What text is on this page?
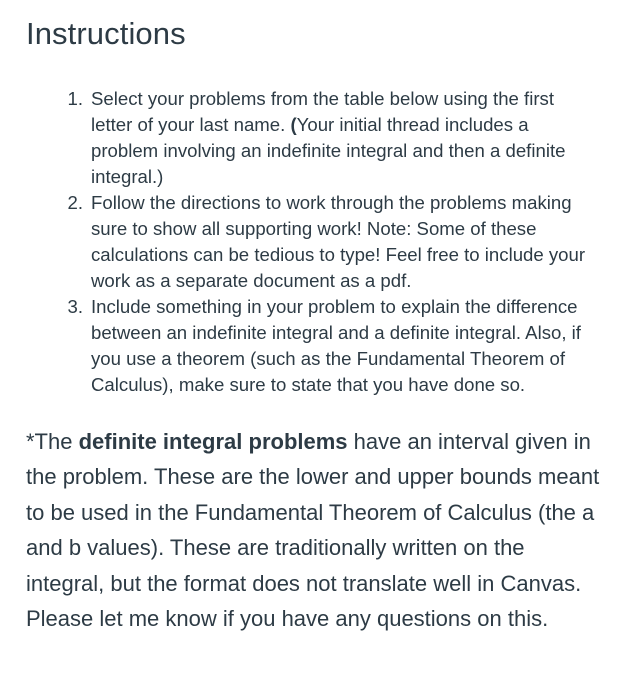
Instructions
1. Select your problems from the table below using the first letter of your last name. (Your initial thread includes a problem involving an indefinite integral and then a definite integral.)
2. Follow the directions to work through the problems making sure to show all supporting work! Note: Some of these calculations can be tedious to type! Feel free to include your work as a separate document as a pdf.
3. Include something in your problem to explain the difference between an indefinite integral and a definite integral. Also, if you use a theorem (such as the Fundamental Theorem of Calculus), make sure to state that you have done so.

*The definite integral problems have an interval given in the problem. These are the lower and upper bounds meant to be used in the Fundamental Theorem of Calculus (the a and b values). These are traditionally written on the integral, but the format does not translate well in Canvas. Please let me know if you have any questions on this.
